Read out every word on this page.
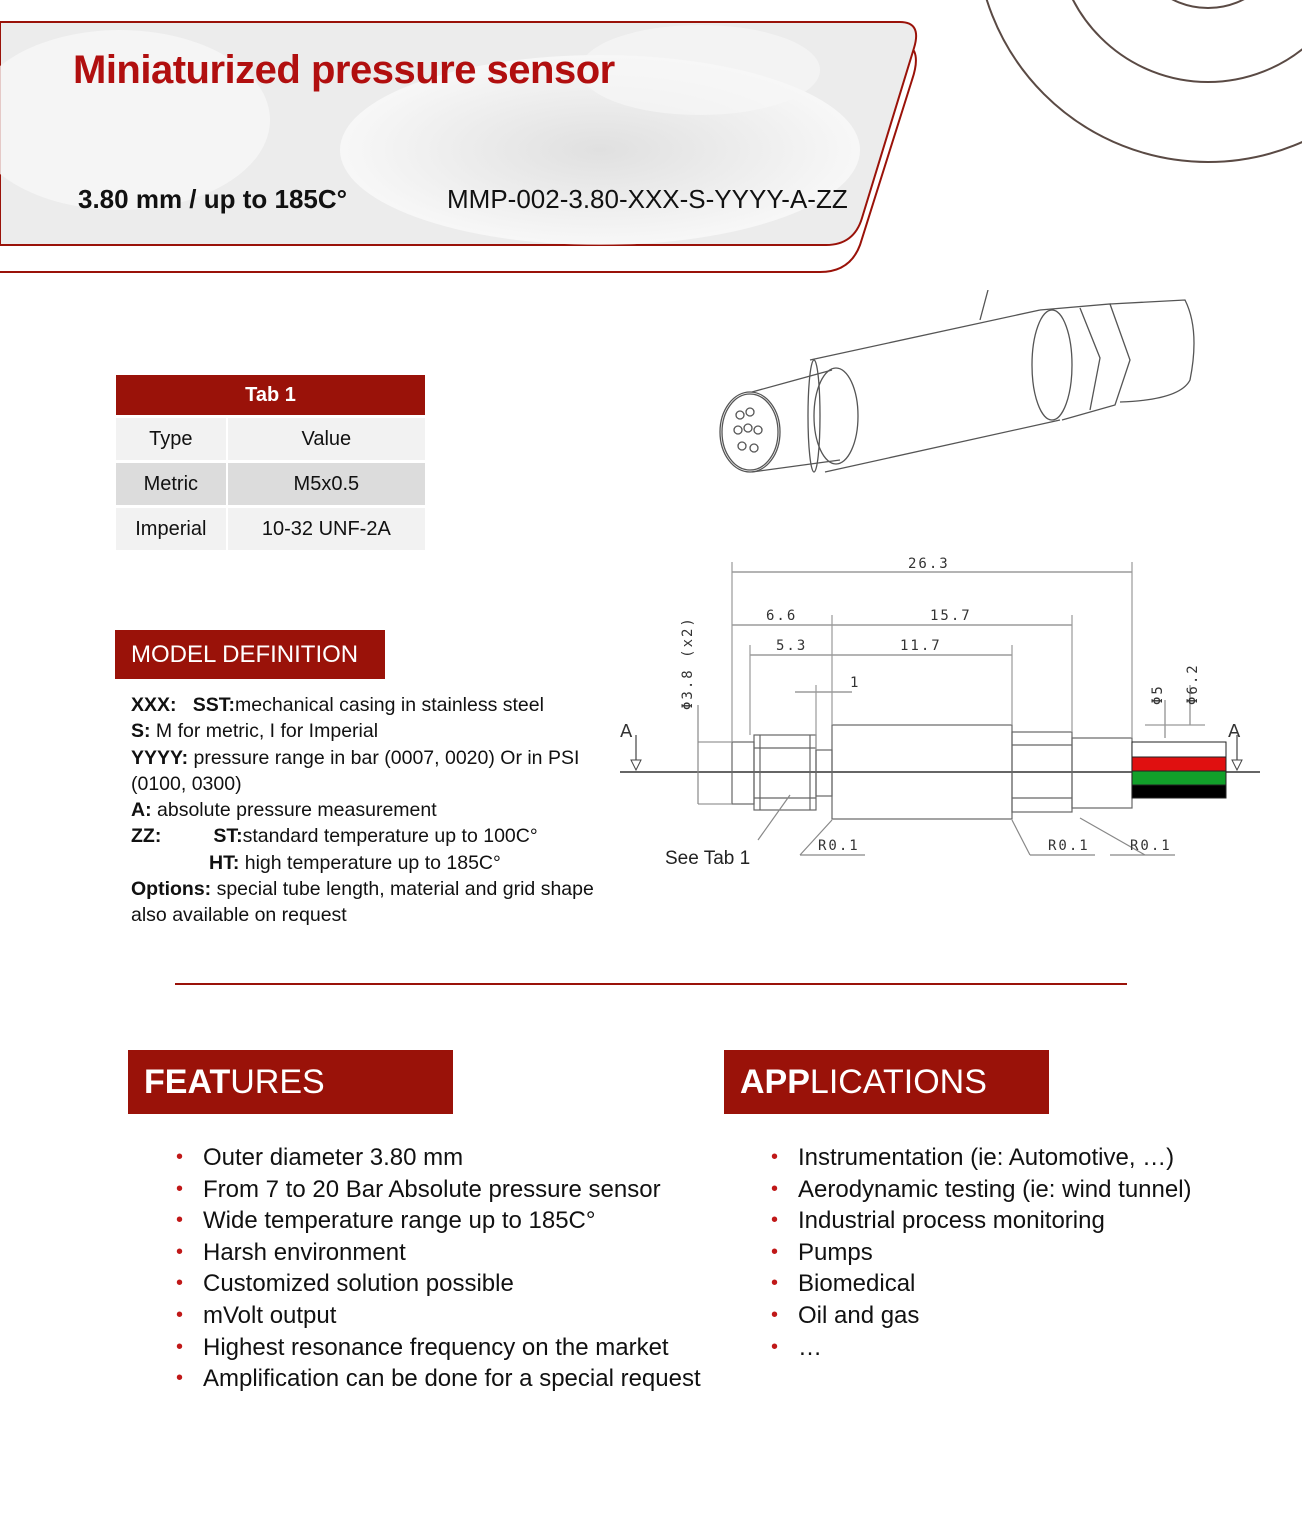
Miniaturized pressure sensor
3.80 mm / up to 185C°	MMP-002-3.80-XXX-S-YYYY-A-ZZ
Tab 1	
Type	Value
Metric	M5x0.5
Imperial	10-32 UNF-2A
MODEL DEFINITION
XXX: SST:mechanical casing in stainless steel
S: M for metric, I for Imperial
YYYY: pressure range in bar (0007, 0020) Or in PSI (0100, 0300)
A: absolute pressure measurement
ZZ:	ST:standard temperature up to 100C°
HT: high temperature up to 185C°
Options: special tube length, material and grid shape also available on request
26.3
6.6	15.7
5.3	11.7
1
Φ3.8 (x2)	Φ5 Φ6.2
R0.1	R0.1	R0.1
A	A
See Tab 1
FEATURES
• Outer diameter 3.80 mm
• From 7 to 20 Bar Absolute pressure sensor
• Wide temperature range up to 185C°
• Harsh environment
• Customized solution possible
• mVolt output
• Highest resonance frequency on the market
• Amplification can be done for a special request
APPLICATIONS
• Instrumentation (ie: Automotive, …)
• Aerodynamic testing (ie: wind tunnel)
• Industrial process monitoring
• Pumps
• Biomedical
• Oil and gas
• …
